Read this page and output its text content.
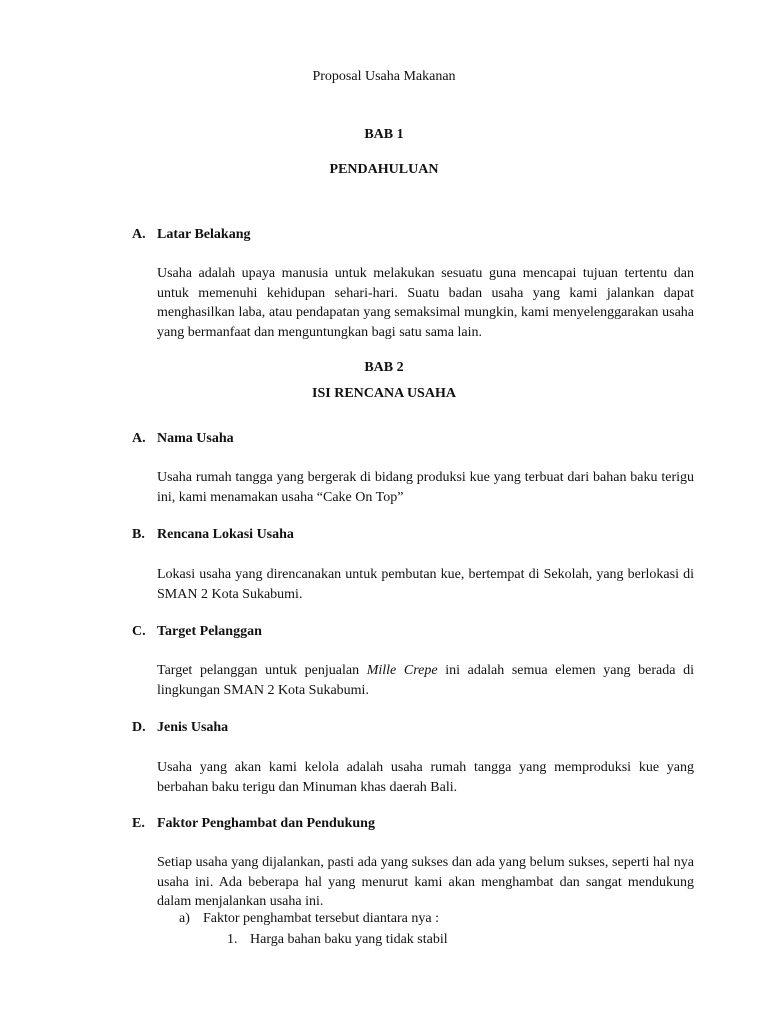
Proposal Usaha Makanan
BAB 1
PENDAHULUAN
A. Latar Belakang
Usaha adalah upaya manusia untuk melakukan sesuatu guna mencapai tujuan tertentu dan untuk memenuhi kehidupan sehari-hari. Suatu badan usaha yang kami jalankan dapat menghasilkan laba, atau pendapatan yang semaksimal mungkin, kami menyelenggarakan usaha yang bermanfaat dan menguntungkan bagi satu sama lain.
BAB 2
ISI RENCANA USAHA
A. Nama Usaha
Usaha rumah tangga yang bergerak di bidang produksi kue yang terbuat dari bahan baku terigu ini, kami menamakan usaha “Cake On Top”
B. Rencana Lokasi Usaha
Lokasi usaha yang direncanakan untuk pembutan kue, bertempat di Sekolah, yang berlokasi di SMAN 2 Kota Sukabumi.
C. Target Pelanggan
Target pelanggan untuk penjualan Mille Crepe ini adalah semua elemen yang berada di lingkungan SMAN 2 Kota Sukabumi.
D. Jenis Usaha
Usaha yang akan kami kelola adalah usaha rumah tangga yang memproduksi kue yang berbahan baku terigu dan Minuman khas daerah Bali.
E. Faktor Penghambat dan Pendukung
Setiap usaha yang dijalankan, pasti ada yang sukses dan ada yang belum sukses, seperti hal nya usaha ini. Ada beberapa hal yang menurut kami akan menghambat dan sangat mendukung dalam menjalankan usaha ini.
a) Faktor penghambat tersebut diantara nya :
1. Harga bahan baku yang tidak stabil
